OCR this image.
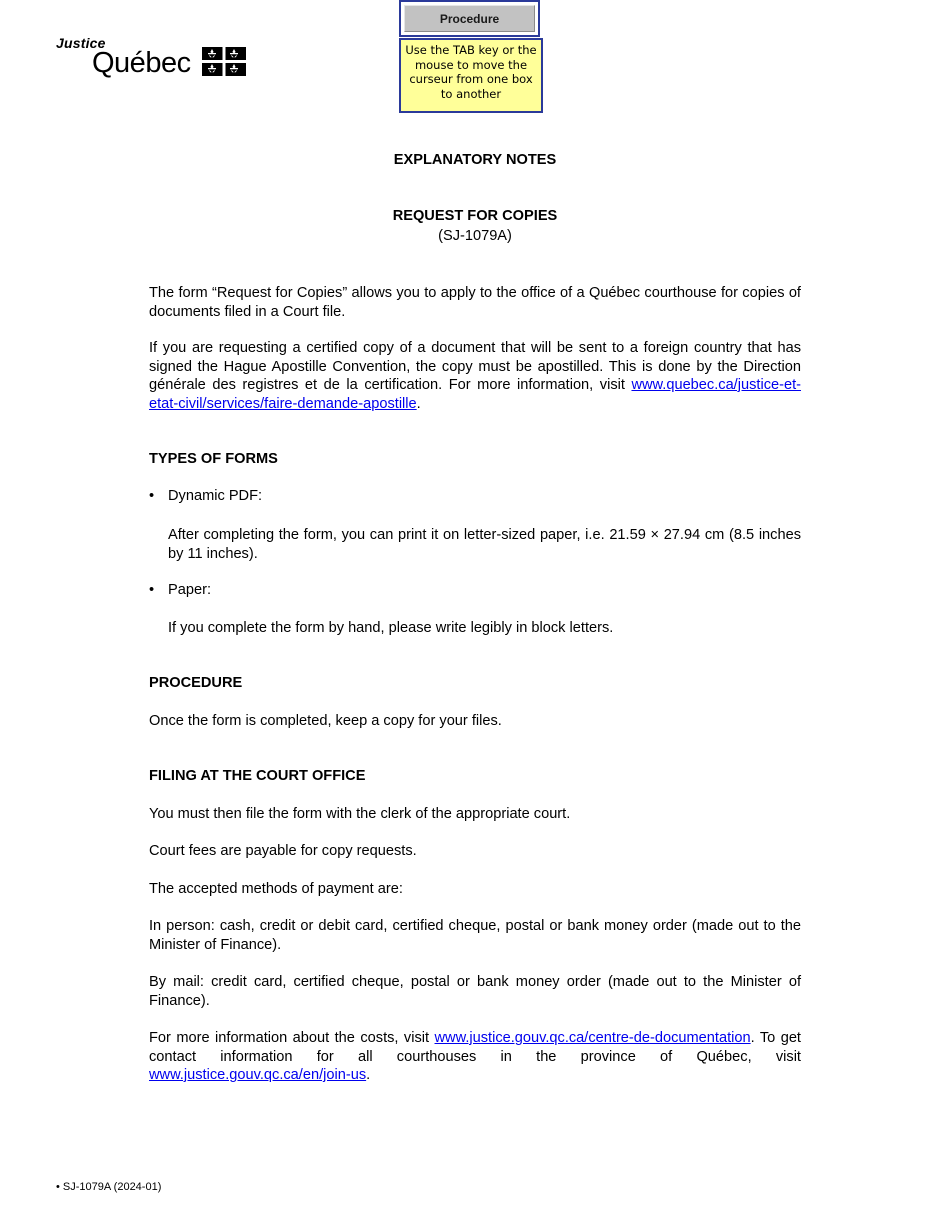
Justice
Québec
Procedure
Use the TAB key or the mouse to move the curseur from one box to another
EXPLANATORY NOTES
REQUEST FOR COPIES
(SJ-1079A)
The form “Request for Copies” allows you to apply to the office of a Québec courthouse for copies of documents filed in a Court file.
If you are requesting a certified copy of a document that will be sent to a foreign country that has signed the Hague Apostille Convention, the copy must be apostilled. This is done by the Direction générale des registres et de la certification. For more information, visit www.quebec.ca/justice-et-etat-civil/services/faire-demande-apostille.
TYPES OF FORMS
• Dynamic PDF:
After completing the form, you can print it on letter-sized paper, i.e. 21.59 × 27.94 cm (8.5 inches by 11 inches).
• Paper:
If you complete the form by hand, please write legibly in block letters.
PROCEDURE
Once the form is completed, keep a copy for your files.
FILING AT THE COURT OFFICE
You must then file the form with the clerk of the appropriate court.
Court fees are payable for copy requests.
The accepted methods of payment are:
In person: cash, credit or debit card, certified cheque, postal or bank money order (made out to the Minister of Finance).
By mail: credit card, certified cheque, postal or bank money order (made out to the Minister of Finance).
For more information about the costs, visit www.justice.gouv.qc.ca/centre-de-documentation. To get contact information for all courthouses in the province of Québec, visit www.justice.gouv.qc.ca/en/join-us.
• SJ-1079A (2024-01)
